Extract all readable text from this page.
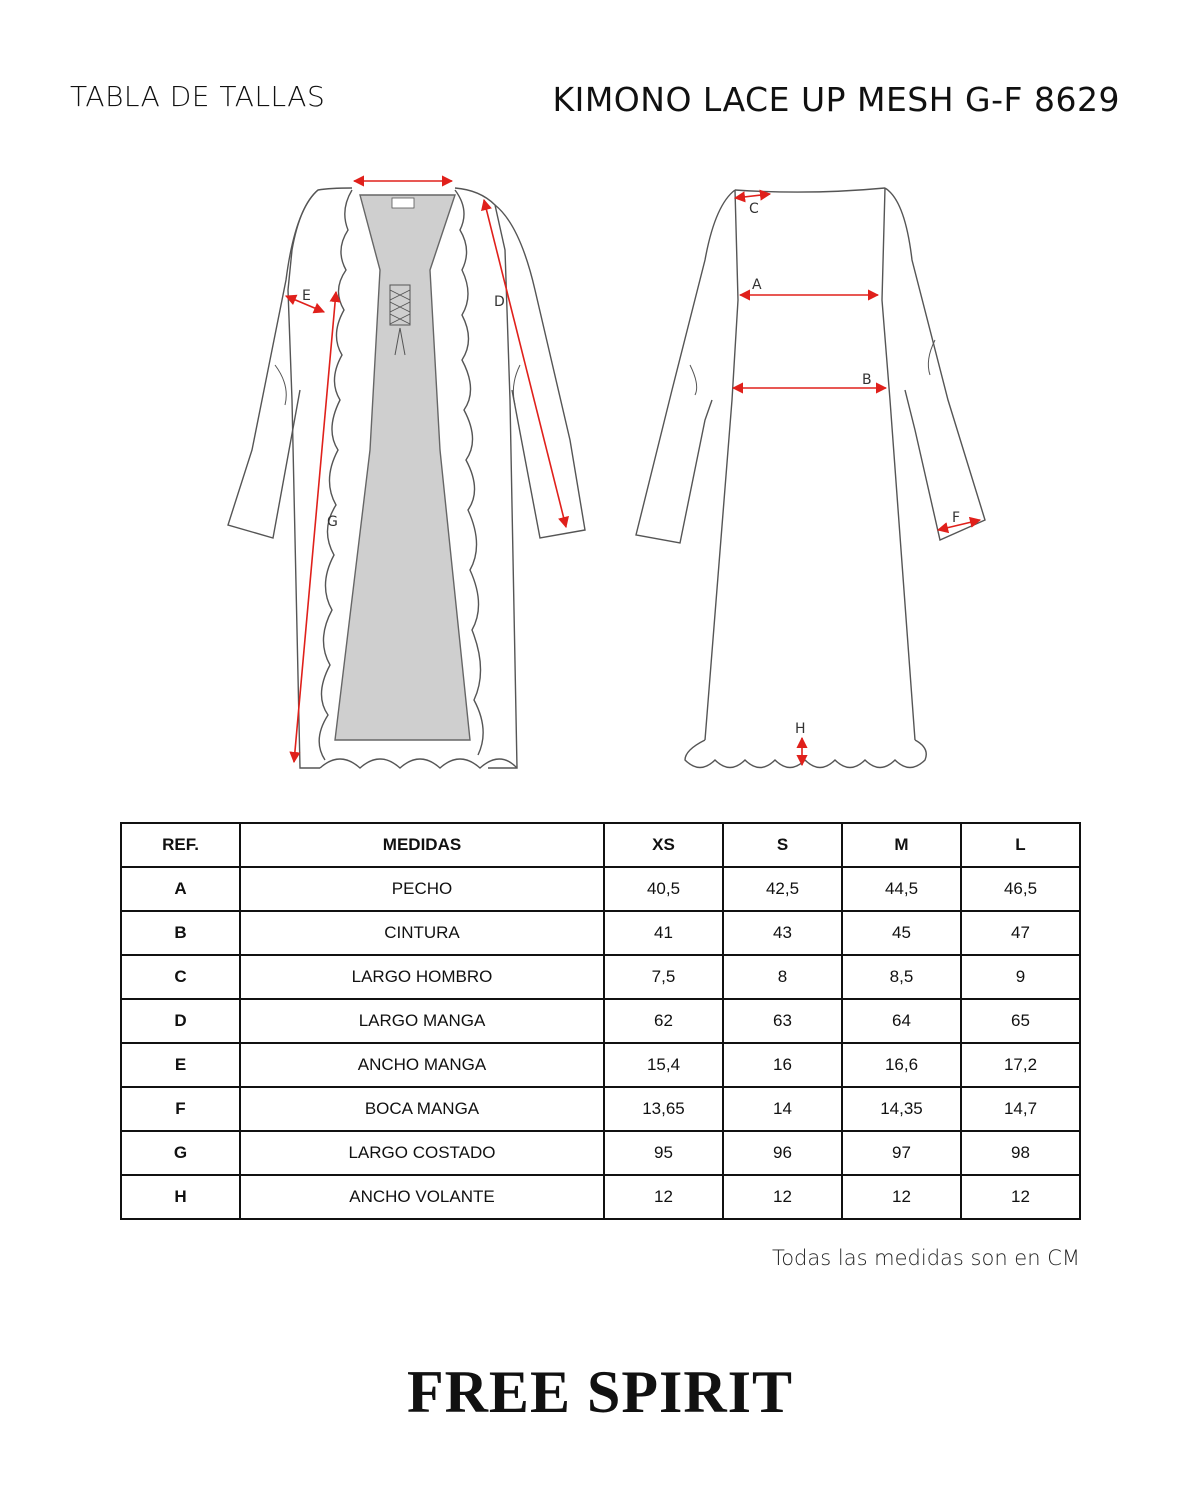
TABLA DE TALLAS	KIMONO LACE UP MESH G-F 8629
E	D
G
C
A
B
F
H
REF.	MEDIDAS	XS	S	M	L
A	PECHO	40,5	42,5	44,5	46,5
B	CINTURA	41	43	45	47
C	LARGO HOMBRO	7,5	8	8,5	9
D	LARGO MANGA	62	63	64	65
E	ANCHO MANGA	15,4	16	16,6	17,2
F	BOCA MANGA	13,65	14	14,35	14,7
G	LARGO COSTADO	95	96	97	98
H	ANCHO VOLANTE	12	12	12	12
Todas las medidas son en CM
FREE SPIRIT
